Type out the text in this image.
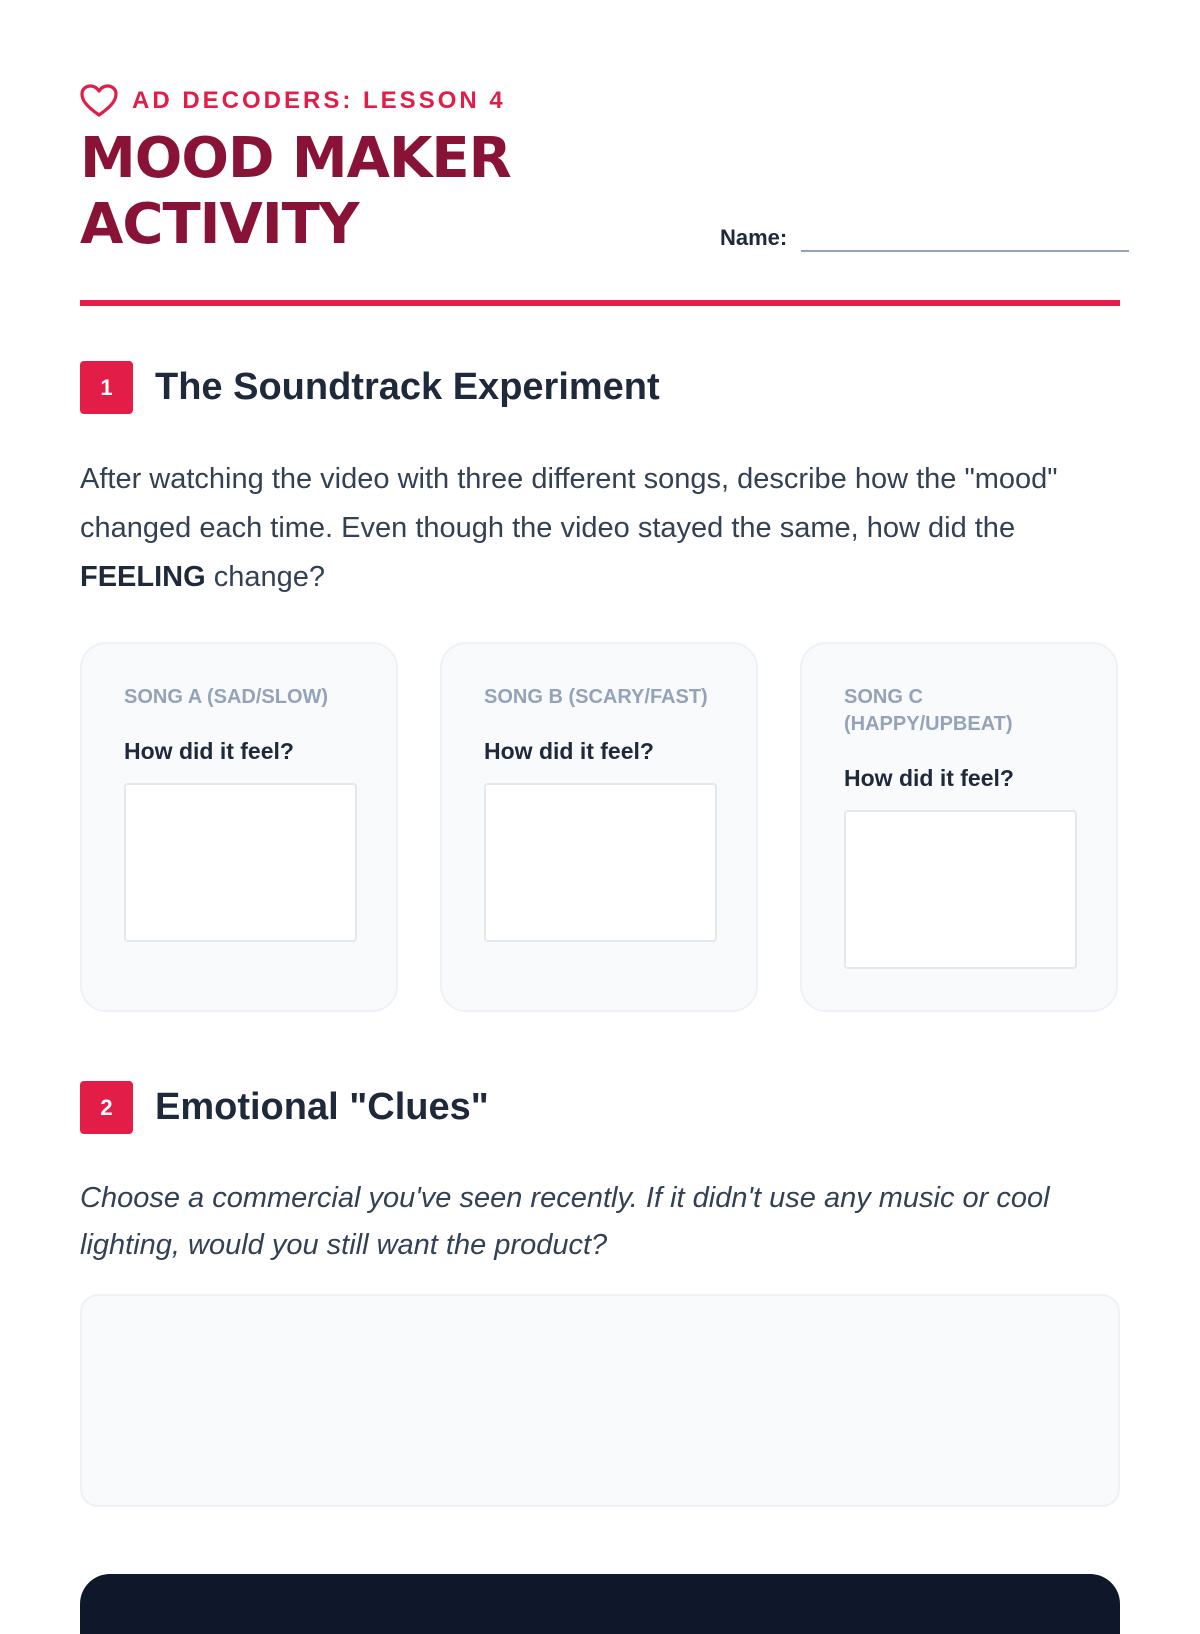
AD DECODERS: LESSON 4
MOOD MAKER
ACTIVITY	Name:
1	The Soundtrack Experiment

After watching the video with three different songs, describe how the "mood" changed each time. Even though the video stayed the same, how did the FEELING change?

SONG A (SAD/SLOW)

How did it feel?

SONG B (SCARY/FAST)

How did it feel?

SONG C (HAPPY/UPBEAT)

How did it feel?

2	Emotional "Clues"

Choose a commercial you've seen recently. If it didn't use any music or cool lighting, would you still want the product?
